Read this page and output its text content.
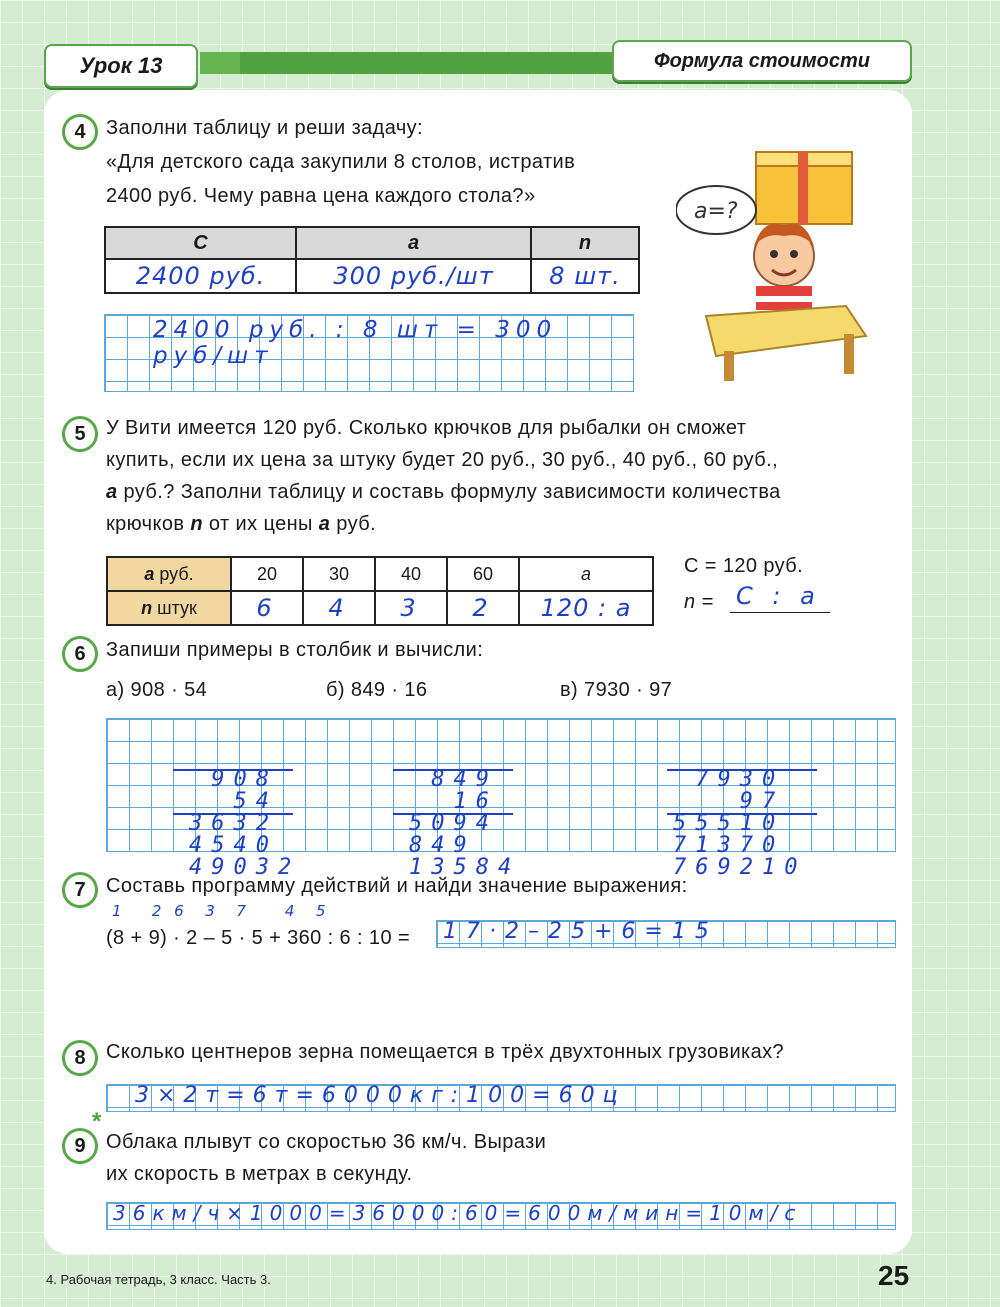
Урок 13	Формула стоимости
4	Заполни таблицу и реши задачу:
«Для детского сада закупили 8 столов, истратив
2400 руб. Чему равна цена каждого стола?»
C	a	n
2400 руб.	300 руб./шт	8 шт.
2400 руб. : 8 шт = 300 руб/шт
a=?
5	У Вити имеется 120 руб. Сколько крючков для рыбалки он сможет
купить, если их цена за штуку будет 20 руб., 30 руб., 40 руб., 60 руб.,
a руб.? Заполни таблицу и составь формулу зависимости количества
крючков n от их цены a руб.
a руб.	20	30	40	60	a
n штук	6	4	3	2	120 : a
C = 120 руб.
n = C : a
6	Запиши примеры в столбик и вычисли:
а) 908 · 54	б) 849 · 16	в) 7930 · 97

908
54
3632
4540
49032

849
16
5094
849
13584

7930
97
55510
71370
769210

7	Составь программу действий и найди значение выражения:
1   2 6  3  7    4  5
(8 + 9) · 2 – 5 · 5 + 360 : 6 : 10 = 17·2–25+6=15
8	Сколько центнеров зерна помещается в трёх двухтонных грузовиках?
3×2т=6т=6000кг:100=60ц
*
9	Облака плывут со скоростью 36 км/ч. Вырази
их скорость в метрах в секунду.
36км/ч×1000=36000:60=600м/мин=10м/с
4. Рабочая тетрадь, 3 класс. Часть 3.	25
